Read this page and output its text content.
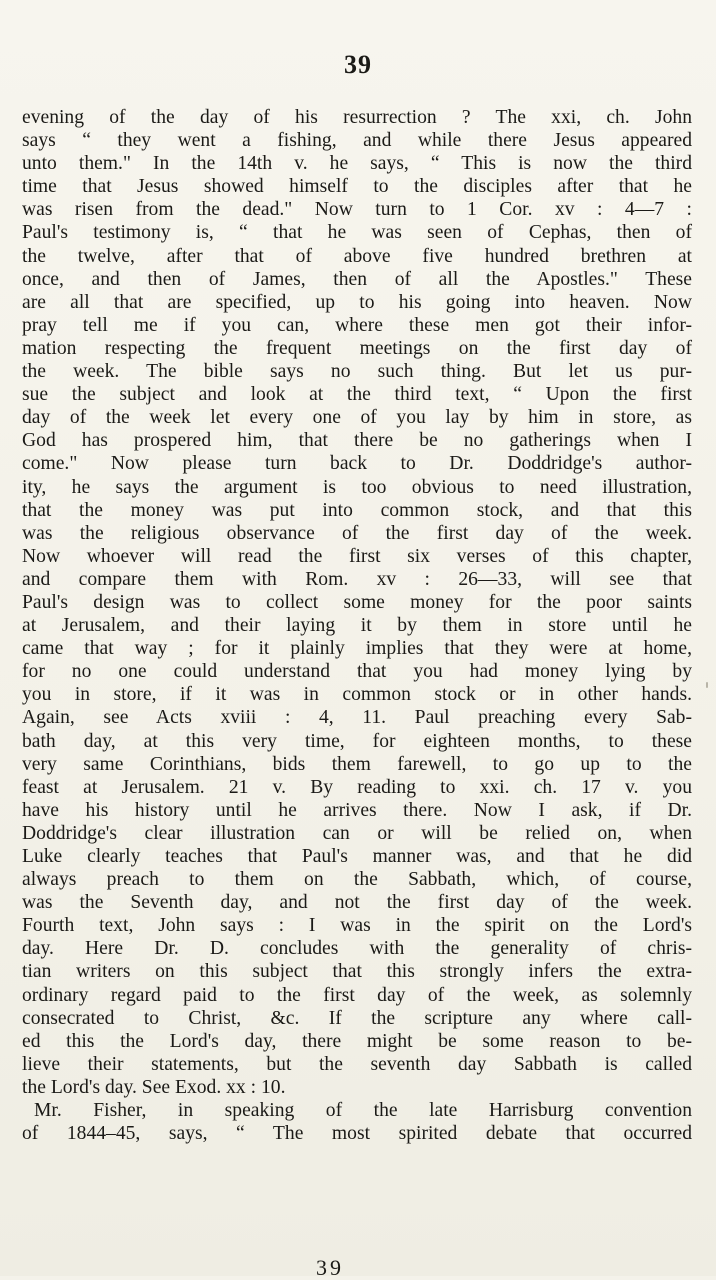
39
evening of the day of his resurrection ? The xxi, ch. John
says “ they went a fishing, and while there Jesus appeared
unto them." In the 14th v. he says, “ This is now the third
time that Jesus showed himself to the disciples after that he
was risen from the dead." Now turn to 1 Cor. xv : 4—7 :
Paul's testimony is, “ that he was seen of Cephas, then of
the twelve, after that of above five hundred brethren at
once, and then of James, then of all the Apostles." These
are all that are specified, up to his going into heaven. Now
pray tell me if you can, where these men got their infor-
mation respecting the frequent meetings on the first day of
the week. The bible says no such thing. But let us pur-
sue the subject and look at the third text, “ Upon the first
day of the week let every one of you lay by him in store, as
God has prospered him, that there be no gatherings when I
come." Now please turn back to Dr. Doddridge's author-
ity, he says the argument is too obvious to need illustration,
that the money was put into common stock, and that this
was the religious observance of the first day of the week.
Now whoever will read the first six verses of this chapter,
and compare them with Rom. xv : 26—33, will see that
Paul's design was to collect some money for the poor saints
at Jerusalem, and their laying it by them in store until he
came that way ; for it plainly implies that they were at home,
for no one could understand that you had money lying by
you in store, if it was in common stock or in other hands.
Again, see Acts xviii : 4, 11. Paul preaching every Sab-
bath day, at this very time, for eighteen months, to these
very same Corinthians, bids them farewell, to go up to the
feast at Jerusalem. 21 v. By reading to xxi. ch. 17 v. you
have his history until he arrives there. Now I ask, if Dr.
Doddridge's clear illustration can or will be relied on, when
Luke clearly teaches that Paul's manner was, and that he did
always preach to them on the Sabbath, which, of course,
was the Seventh day, and not the first day of the week.
Fourth text, John says : I was in the spirit on the Lord's
day. Here Dr. D. concludes with the generality of chris-
tian writers on this subject that this strongly infers the extra-
ordinary regard paid to the first day of the week, as solemnly
consecrated to Christ, &c. If the scripture any where call-
ed this the Lord's day, there might be some reason to be-
lieve their statements, but the seventh day Sabbath is called
the Lord's day. See Exod. xx : 10.
Mr. Fisher, in speaking of the late Harrisburg convention
of 1844–45, says, “ The most spirited debate that occurred
39
